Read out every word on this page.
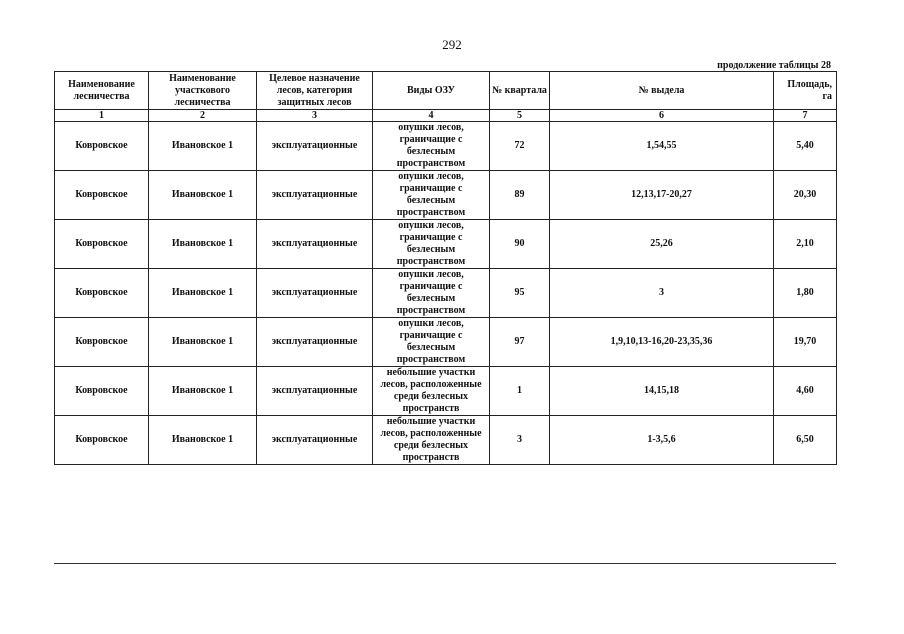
292
продолжение таблицы 28
Наименование лесничества	Наименование участкового лесничества	Целевое назначение лесов, категория защитных лесов	Виды ОЗУ	№ квартала	№ выдела	Площадь, га
1	2	3	4	5	6	7
Ковровское	Ивановское 1	эксплуатационные	опушки лесов, граничащие с безлесным пространством	72	1,54,55	5,40
Ковровское	Ивановское 1	эксплуатационные	опушки лесов, граничащие с безлесным пространством	89	12,13,17-20,27	20,30
Ковровское	Ивановское 1	эксплуатационные	опушки лесов, граничащие с безлесным пространством	90	25,26	2,10
Ковровское	Ивановское 1	эксплуатационные	опушки лесов, граничащие с безлесным пространством	95	3	1,80
Ковровское	Ивановское 1	эксплуатационные	опушки лесов, граничащие с безлесным пространством	97	1,9,10,13-16,20-23,35,36	19,70
Ковровское	Ивановское 1	эксплуатационные	небольшие участки лесов, расположенные среди безлесных пространств	1	14,15,18	4,60
Ковровское	Ивановское 1	эксплуатационные	небольшие участки лесов, расположенные среди безлесных пространств	3	1-3,5,6	6,50
